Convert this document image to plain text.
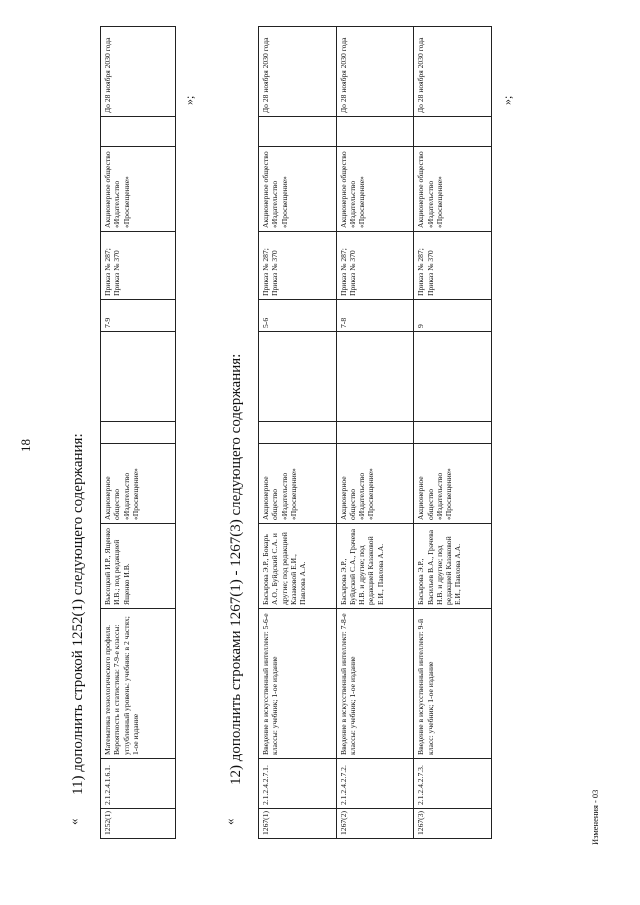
18
«
11) дополнить строкой 1252(1) следующего содержания:
1252(1)	2.1.2.4.1.6.1.	Математика технологического профиля. Вероятность и статистика: 7-9-е классы: углубленный уровень: учебник: в 2 частях; 1-ое издание	Высоцкий И.Р., Ященко И.В.; под редакцией Ященко И.В.	Акционерное общество «Издательство «Просвещение»			7-9	Приказ № 287; Приказ № 370	Акционерное общество «Издательство «Просвещение»		До 28 ноября 2030 года	»;
«
12) дополнить строками 1267(1) - 1267(3) следующего содержания:
1267(1)	2.1.2.4.2.7.1.	Введение в искусственный интеллект: 5-6-е классы: учебник; 1-ое издание	Басырова Э.Р., Бокарь А.О., Буйдский С.А. и другие; под редакцией Казаковой Е.И., Павлова А.А.	Акционерное общество «Издательство «Просвещение»			5-6	Приказ № 287; Приказ № 370	Акционерное общество «Издательство «Просвещение»		До 28 ноября 2030 года
1267(2)	2.1.2.4.2.7.2.	Введение в искусственный интеллект: 7-8-е классы: учебник; 1-ое издание	Басырова Э.Р., Буйдский С.А., Грачева Н.В. и другие; под редакцией Казаковой Е.И., Павлова А.А.	Акционерное общество «Издательство «Просвещение»			7-8	Приказ № 287; Приказ № 370	Акционерное общество «Издательство «Просвещение»		До 28 ноября 2030 года
1267(3)	2.1.2.4.2.7.3.	Введение в искусственный интеллект: 9-й класс: учебник; 1-ое издание	Басырова Э.Р., Васильев В.А., Грачева Н.В. и другие; под редакцией Казаковой Е.И., Павлова А.А.	Акционерное общество «Издательство «Просвещение»			9	Приказ № 287; Приказ № 370	Акционерное общество «Издательство «Просвещение»		До 28 ноября 2030 года	»;
Изменения - 03
